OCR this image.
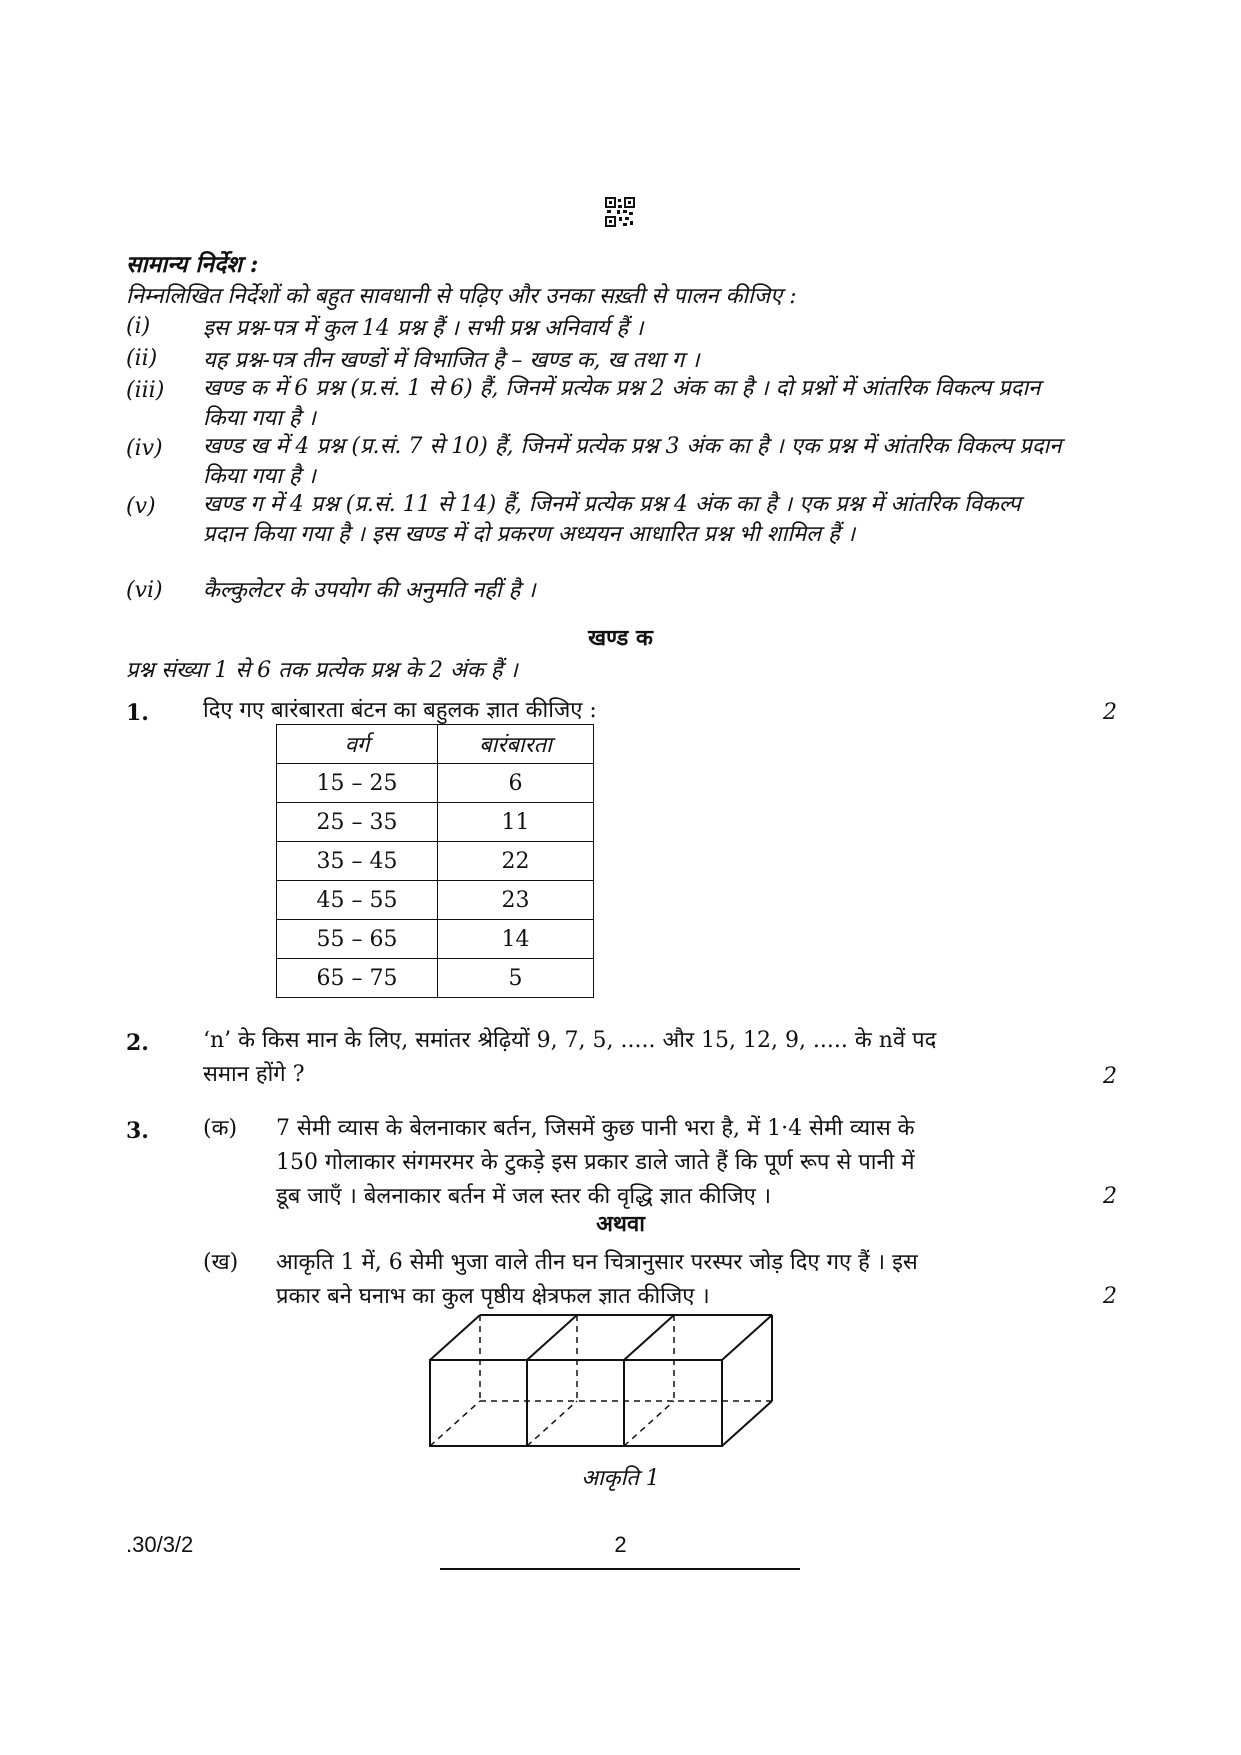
सामान्य निर्देश :
निम्नलिखित निर्देशों को बहुत सावधानी से पढ़िए और उनका सख़्ती से पालन कीजिए :
(i)	इस प्रश्न-पत्र में कुल 14 प्रश्न हैं । सभी प्रश्न अनिवार्य हैं ।
(ii)	यह प्रश्न-पत्र तीन खण्डों में विभाजित है – खण्ड क, ख तथा ग ।
(iii)	खण्ड क में 6 प्रश्न (प्र.सं. 1 से 6) हैं, जिनमें प्रत्येक प्रश्न 2 अंक का है । दो प्रश्नों में आंतरिक विकल्प प्रदान किया गया है ।
(iv)	खण्ड ख में 4 प्रश्न (प्र.सं. 7 से 10) हैं, जिनमें प्रत्येक प्रश्न 3 अंक का है । एक प्रश्न में आंतरिक विकल्प प्रदान किया गया है ।
(v)	खण्ड ग में 4 प्रश्न (प्र.सं. 11 से 14) हैं, जिनमें प्रत्येक प्रश्न 4 अंक का है । एक प्रश्न में आंतरिक विकल्प प्रदान किया गया है । इस खण्ड में दो प्रकरण अध्ययन आधारित प्रश्न भी शामिल हैं ।
(vi)	कैल्कुलेटर के उपयोग की अनुमति नहीं है ।
खण्ड क
प्रश्न संख्या 1 से 6 तक प्रत्येक प्रश्न के 2 अंक हैं ।
1. दिए गए बारंबारता बंटन का बहुलक ज्ञात कीजिए :	2
वर्ग	बारंबारता
15 – 25	6
25 – 35	11
35 – 45	22
45 – 55	23
55 – 65	14
65 – 75	5
2. ‘n’ के किस मान के लिए, समांतर श्रेढ़ियों 9, 7, 5, ..... और 15, 12, 9, ..... के nवें पद
समान होंगे ?	2
3. (क) 7 सेमी व्यास के बेलनाकार बर्तन, जिसमें कुछ पानी भरा है, में 1·4 सेमी व्यास के
150 गोलाकार संगमरमर के टुकड़े इस प्रकार डाले जाते हैं कि पूर्ण रूप से पानी में
डूब जाएँ । बेलनाकार बर्तन में जल स्तर की वृद्धि ज्ञात कीजिए ।	2
अथवा
(ख) आकृति 1 में, 6 सेमी भुजा वाले तीन घन चित्रानुसार परस्पर जोड़ दिए गए हैं । इस
प्रकार बने घनाभ का कुल पृष्ठीय क्षेत्रफल ज्ञात कीजिए ।	2
आकृति 1
.30/3/2	2
